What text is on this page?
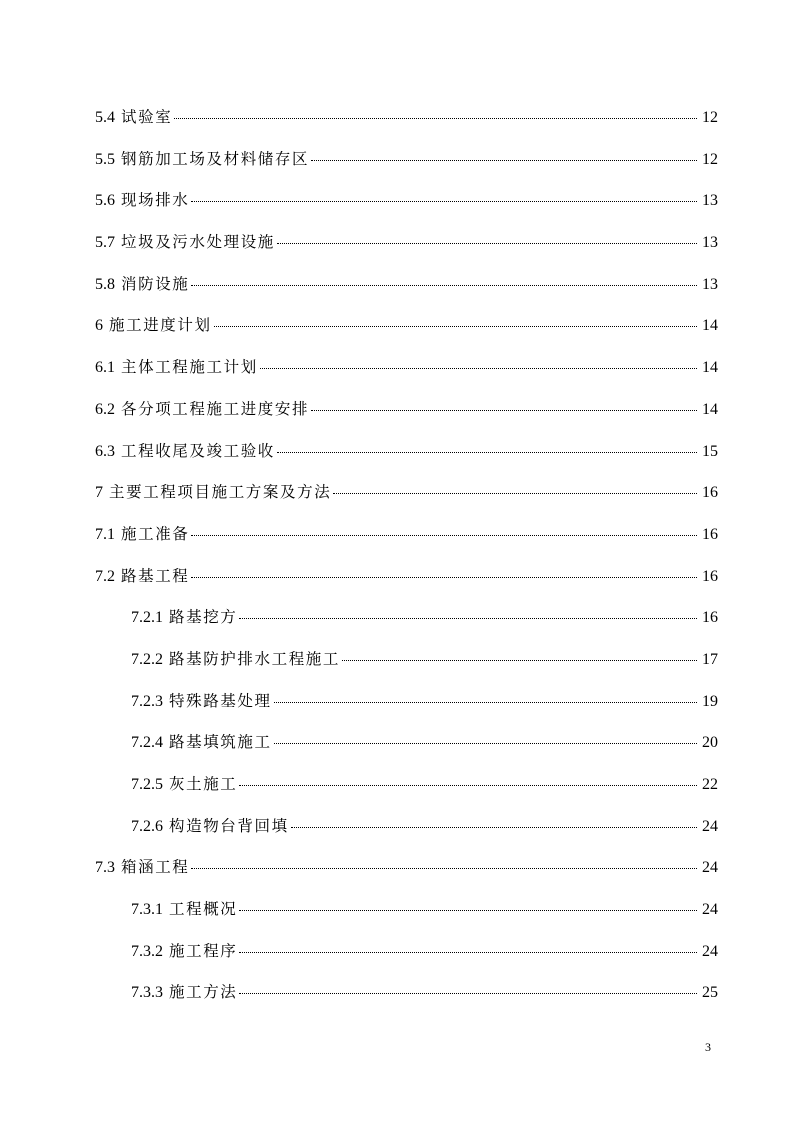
5.4 试验室	12
5.5 钢筋加工场及材料储存区	12
5.6 现场排水	13
5.7 垃圾及污水处理设施	13
5.8 消防设施	13
6 施工进度计划	14
6.1 主体工程施工计划	14
6.2 各分项工程施工进度安排	14
6.3 工程收尾及竣工验收	15
7 主要工程项目施工方案及方法	16
7.1 施工准备	16
7.2 路基工程	16
7.2.1 路基挖方	16
7.2.2 路基防护排水工程施工	17
7.2.3 特殊路基处理	19
7.2.4 路基填筑施工	20
7.2.5 灰土施工	22
7.2.6 构造物台背回填	24
7.3 箱涵工程	24
7.3.1 工程概况	24
7.3.2 施工程序	24
7.3.3 施工方法	25
3
